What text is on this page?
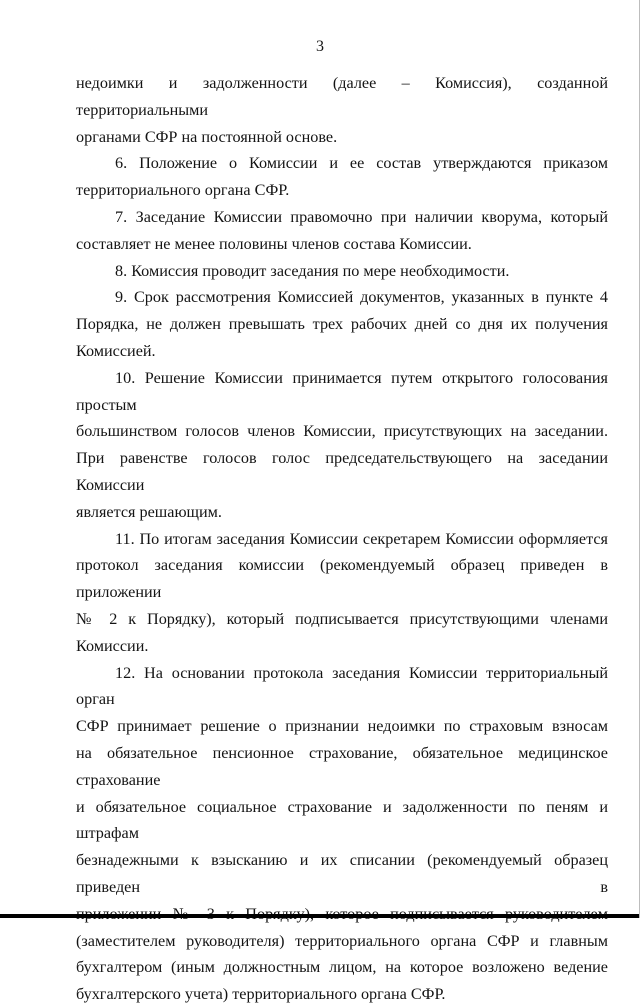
3

недоимки и задолженности (далее – Комиссия), созданной территориальными
органами СФР на постоянной основе.

6. Положение о Комиссии и ее состав утверждаются приказом
территориального органа СФР.

7. Заседание Комиссии правомочно при наличии кворума, который
составляет не менее половины членов состава Комиссии.

8. Комиссия проводит заседания по мере необходимости.

9. Срок рассмотрения Комиссией документов, указанных в пункте 4
Порядка, не должен превышать трех рабочих дней со дня их получения
Комиссией.

10. Решение Комиссии принимается путем открытого голосования простым
большинством голосов членов Комиссии, присутствующих на заседании.
При равенстве голосов голос председательствующего на заседании Комиссии
является решающим.

11. По итогам заседания Комиссии секретарем Комиссии оформляется
протокол заседания комиссии (рекомендуемый образец приведен в приложении
№ 2 к Порядку), который подписывается присутствующими членами Комиссии.

12. На основании протокола заседания Комиссии территориальный орган
СФР принимает решение о признании недоимки по страховым взносам
на обязательное пенсионное страхование, обязательное медицинское страхование
и обязательное социальное страхование и задолженности по пеням и штрафам
безнадежными к взысканию и их списании (рекомендуемый образец приведен в
(заместителем руководителя) территориального органа СФР и главным
бухгалтером (иным должностным лицом, на которое возложено ведение
бухгалтерского учета) территориального органа СФР.
